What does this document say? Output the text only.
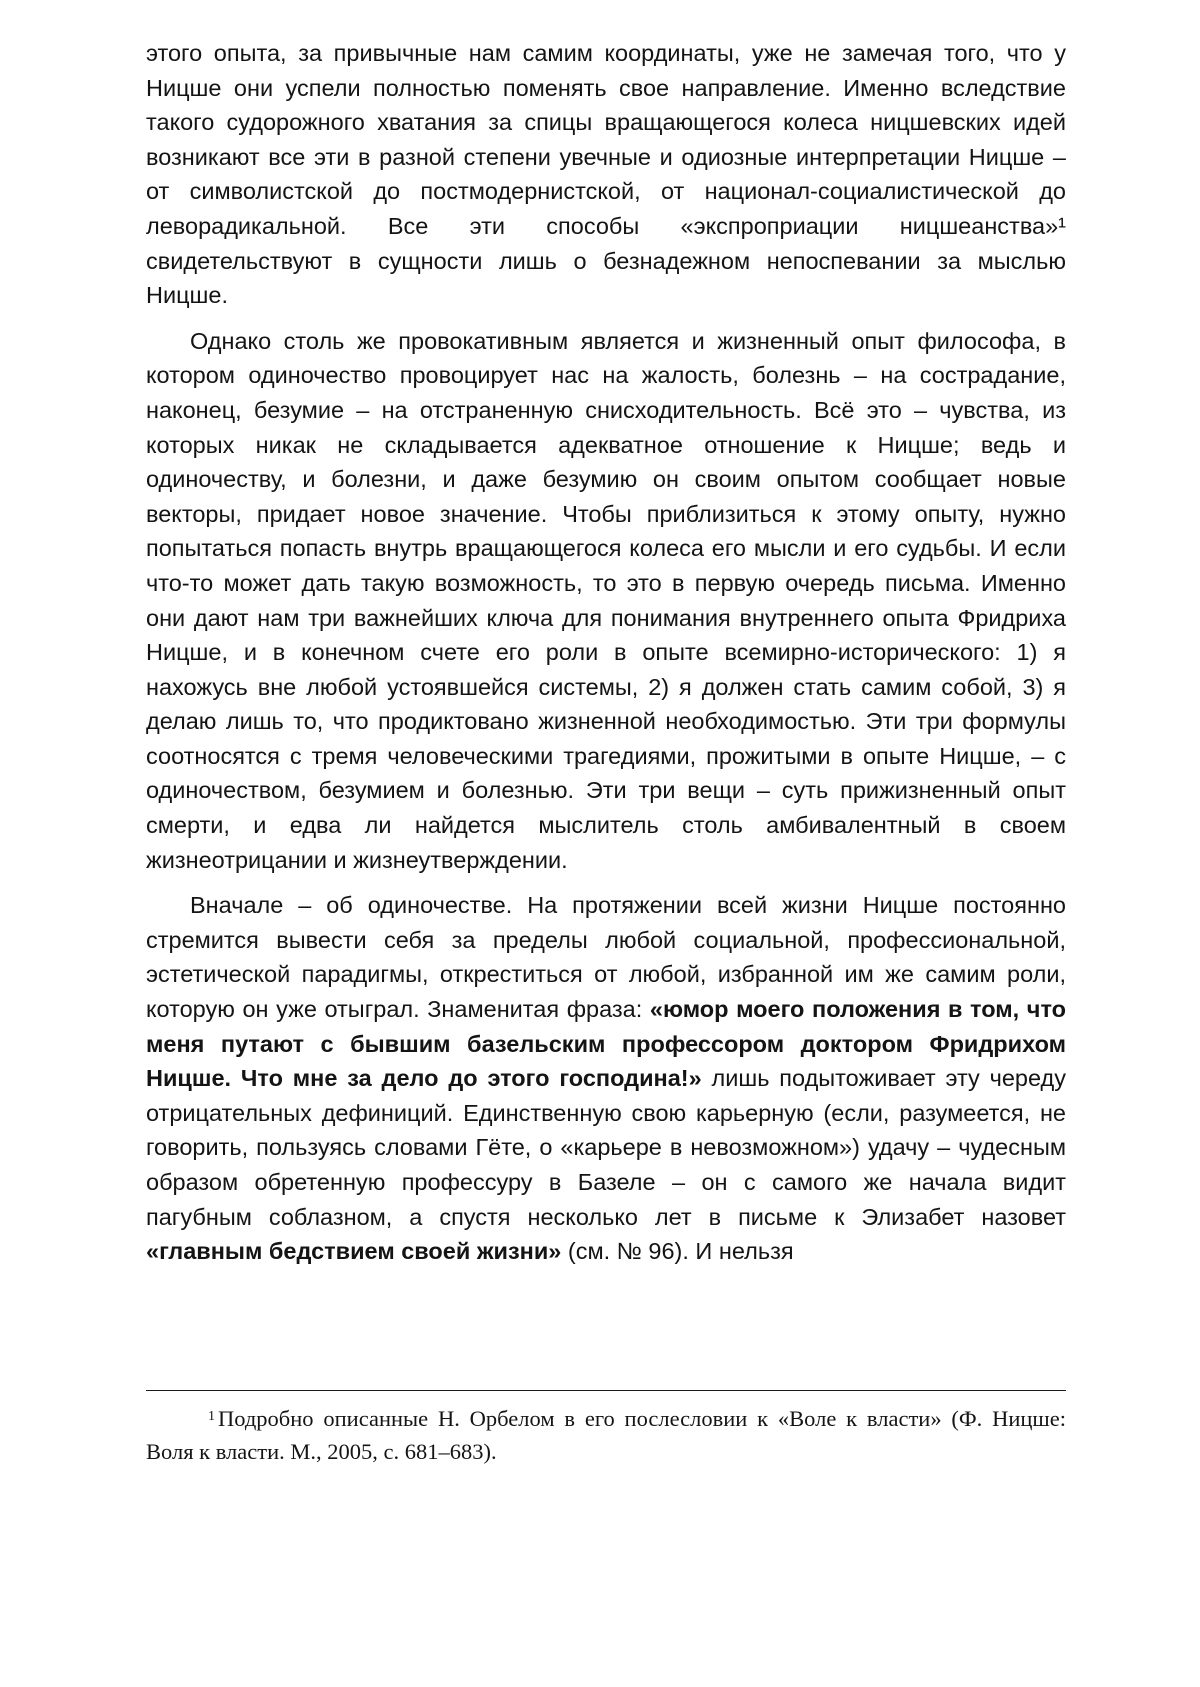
этого опыта, за привычные нам самим координаты, уже не замечая того, что у Ницше они успели полностью поменять свое направление. Именно вследствие такого судорожного хватания за спицы вращающегося колеса ницшевских идей возникают все эти в разной степени увечные и одиозные интерпретации Ницше – от символистской до постмодернистской, от национал-социалистической до леворадикальной. Все эти способы «экспроприации ницшеанства»¹ свидетельствуют в сущности лишь о безнадежном непоспевании за мыслью Ницше.

Однако столь же провокативным является и жизненный опыт философа, в котором одиночество провоцирует нас на жалость, болезнь – на сострадание, наконец, безумие – на отстраненную снисходительность. Всё это – чувства, из которых никак не складывается адекватное отношение к Ницше; ведь и одиночеству, и болезни, и даже безумию он своим опытом сообщает новые векторы, придает новое значение. Чтобы приблизиться к этому опыту, нужно попытаться попасть внутрь вращающегося колеса его мысли и его судьбы. И если что-то может дать такую возможность, то это в первую очередь письма. Именно они дают нам три важнейших ключа для понимания внутреннего опыта Фридриха Ницше, и в конечном счете его роли в опыте всемирно-исторического: 1) я нахожусь вне любой устоявшейся системы, 2) я должен стать самим собой, 3) я делаю лишь то, что продиктовано жизненной необходимостью. Эти три формулы соотносятся с тремя человеческими трагедиями, прожитыми в опыте Ницше, – с одиночеством, безумием и болезнью. Эти три вещи – суть прижизненный опыт смерти, и едва ли найдется мыслитель столь амбивалентный в своем жизнеотрицании и жизнеутверждении.

Вначале – об одиночестве. На протяжении всей жизни Ницше постоянно стремится вывести себя за пределы любой социальной, профессиональной, эстетической парадигмы, откреститься от любой, избранной им же самим роли, которую он уже отыграл. Знаменитая фраза: «юмор моего положения в том, что меня путают с бывшим базельским профессором доктором Фридрихом Ницше. Что мне за дело до этого господина!» лишь подытоживает эту череду отрицательных дефиниций. Единственную свою карьерную (если, разумеется, не говорить, пользуясь словами Гёте, о «карьере в невозможном») удачу – чудесным образом обретенную профессуру в Базеле – он с самого же начала видит пагубным соблазном, а спустя несколько лет в письме к Элизабет назовет «главным бедствием своей жизни» (см. № 96). И нельзя

$^1$ Подробно описанные Н. Орбелом в его послесловии к «Воле к власти» (Ф. Ницше: Воля к власти. М., 2005, с. 681–683).
